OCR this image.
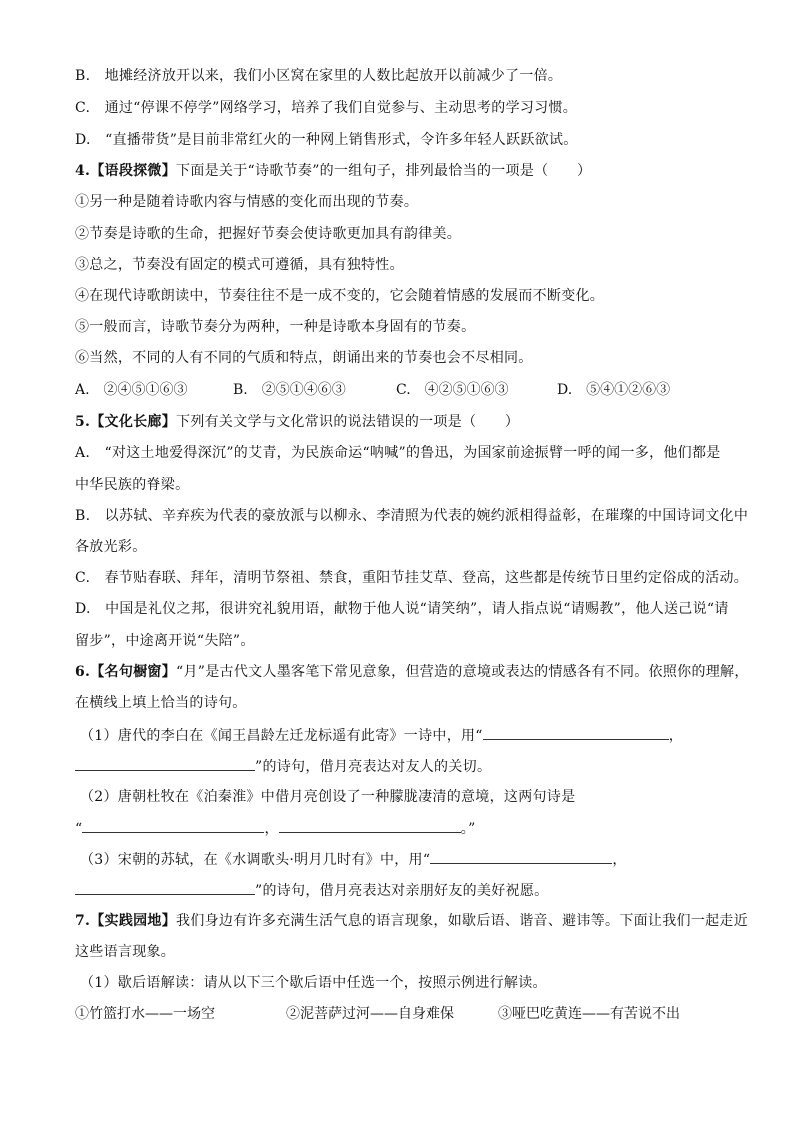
B.　地摊经济放开以来，我们小区窝在家里的人数比起放开以前减少了一倍。
C.　通过“停课不停学”网络学习，培养了我们自觉参与、主动思考的学习习惯。
D.　“直播带货”是目前非常红火的一种网上销售形式，令许多年轻人跃跃欲试。
4.【语段探微】下面是关于“诗歌节奏”的一组句子，排列最恰当的一项是（　　）
①另一种是随着诗歌内容与情感的变化而出现的节奏。
②节奏是诗歌的生命，把握好节奏会使诗歌更加具有韵律美。
③总之，节奏没有固定的模式可遵循，具有独特性。
④在现代诗歌朗读中，节奏往往不是一成不变的，它会随着情感的发展而不断变化。
⑤一般而言，诗歌节奏分为两种，一种是诗歌本身固有的节奏。
⑥当然，不同的人有不同的气质和特点，朗诵出来的节奏也会不尽相同。
A.　②④⑤①⑥③	B.　②⑤①④⑥③	C.　④②⑤①⑥③	D.　⑤④①②⑥③
5.【文化长廊】下列有关文学与文化常识的说法错误的一项是（　　）
A.　“对这土地爱得深沉”的艾青，为民族命运“呐喊”的鲁迅，为国家前途振臂一呼的闻一多，他们都是
中华民族的脊梁。
B.　以苏轼、辛弃疾为代表的豪放派与以柳永、李清照为代表的婉约派相得益彰，在璀璨的中国诗词文化中
各放光彩。
C.　春节贴春联、拜年，清明节祭祖、禁食，重阳节挂艾草、登高，这些都是传统节日里约定俗成的活动。
D.　中国是礼仪之邦，很讲究礼貌用语，献物于他人说“请笑纳”，请人指点说“请赐教”，他人送己说“请
留步”，中途离开说“失陪”。
6.【名句橱窗】“月”是古代文人墨客笔下常见意象，但营造的意境或表达的情感各有不同。依照你的理解，
在横线上填上恰当的诗句。
（1）唐代的李白在《闻王昌龄左迁龙标遥有此寄》一诗中，用“	，
”的诗句，借月亮表达对友人的关切。
（2）唐朝杜牧在《泊秦淮》中借月亮创设了一种朦胧凄清的意境，这两句诗是
“	，	。”
（3）宋朝的苏轼，在《水调歌头·明月几时有》中，用“	，
”的诗句，借月亮表达对亲朋好友的美好祝愿。
7.【实践园地】我们身边有许多充满生活气息的语言现象，如歇后语、谐音、避讳等。下面让我们一起走近
这些语言现象。
（1）歇后语解读：请从以下三个歇后语中任选一个，按照示例进行解读。
①竹篮打水——一场空	②泥菩萨过河——自身难保	③哑巴吃黄连——有苦说不出
